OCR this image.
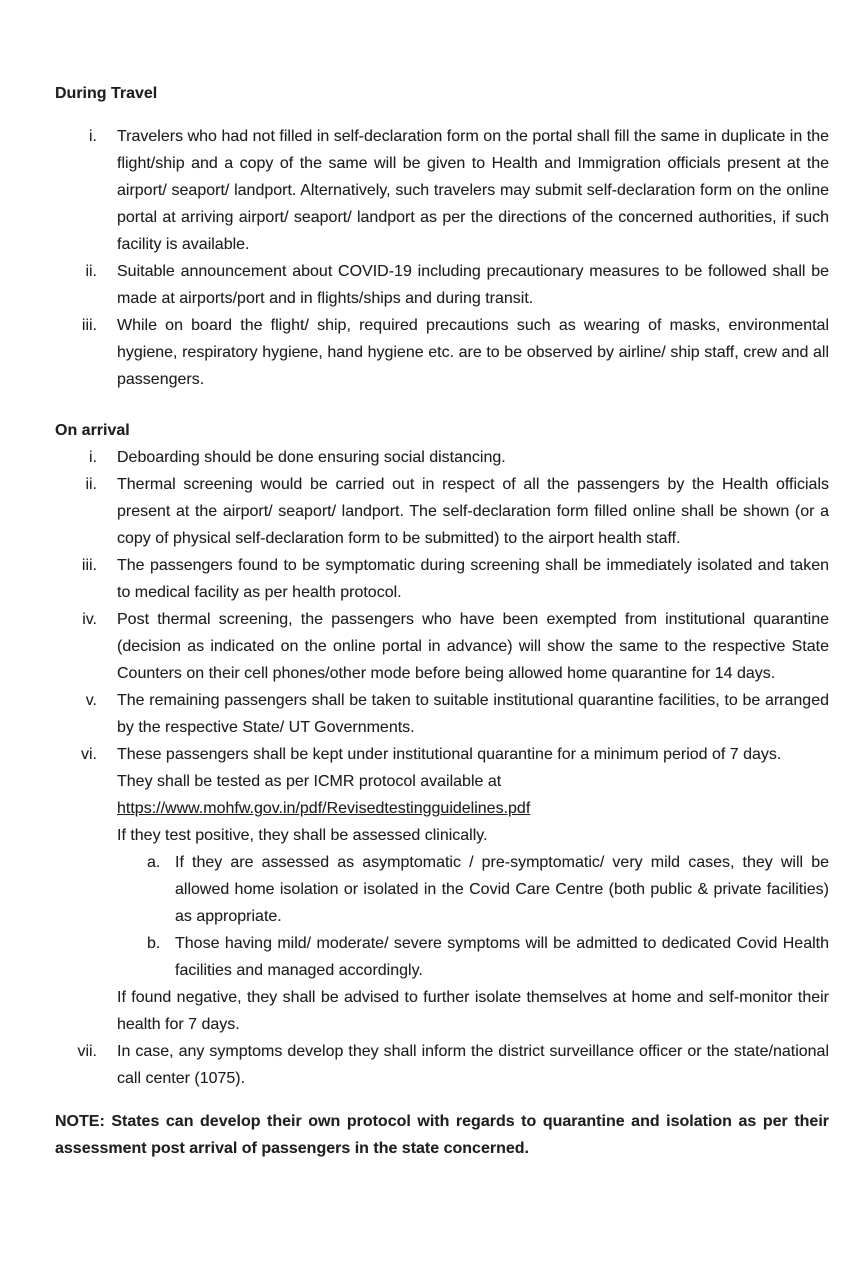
During Travel
i.	Travelers who had not filled in self-declaration form on the portal shall fill the same in duplicate in the flight/ship and a copy of the same will be given to Health and Immigration officials present at the airport/ seaport/ landport. Alternatively, such travelers may submit self-declaration form on the online portal at arriving airport/ seaport/ landport as per the directions of the concerned authorities, if such facility is available.
ii.	Suitable announcement about COVID-19 including precautionary measures to be followed shall be made at airports/port and in flights/ships and during transit.
iii.	While on board the flight/ ship, required precautions such as wearing of masks, environmental hygiene, respiratory hygiene, hand hygiene etc. are to be observed by airline/ ship staff, crew and all passengers.
On arrival
i.	Deboarding should be done ensuring social distancing.
ii.	Thermal screening would be carried out in respect of all the passengers by the Health officials present at the airport/ seaport/ landport. The self-declaration form filled online shall be shown (or a copy of physical self-declaration form to be submitted) to the airport health staff.
iii.	The passengers found to be symptomatic during screening shall be immediately isolated and taken to medical facility as per health protocol.
iv.	Post thermal screening, the passengers who have been exempted from institutional quarantine (decision as indicated on the online portal in advance) will show the same to the respective State Counters on their cell phones/other mode before being allowed home quarantine for 14 days.
v.	The remaining passengers shall be taken to suitable institutional quarantine facilities, to be arranged by the respective State/ UT Governments.
vi.	These passengers shall be kept under institutional quarantine for a minimum period of 7 days.
They shall be tested as per ICMR protocol available at
https://www.mohfw.gov.in/pdf/Revisedtestingguidelines.pdf
If they test positive, they shall be assessed clinically.
a. If they are assessed as asymptomatic / pre-symptomatic/ very mild cases, they will be allowed home isolation or isolated in the Covid Care Centre (both public & private facilities) as appropriate.
b. Those having mild/ moderate/ severe symptoms will be admitted to dedicated Covid Health facilities and managed accordingly.
If found negative, they shall be advised to further isolate themselves at home and self-monitor their health for 7 days.
vii.	In case, any symptoms develop they shall inform the district surveillance officer or the state/national call center (1075).

NOTE: States can develop their own protocol with regards to quarantine and isolation as per their assessment post arrival of passengers in the state concerned.
